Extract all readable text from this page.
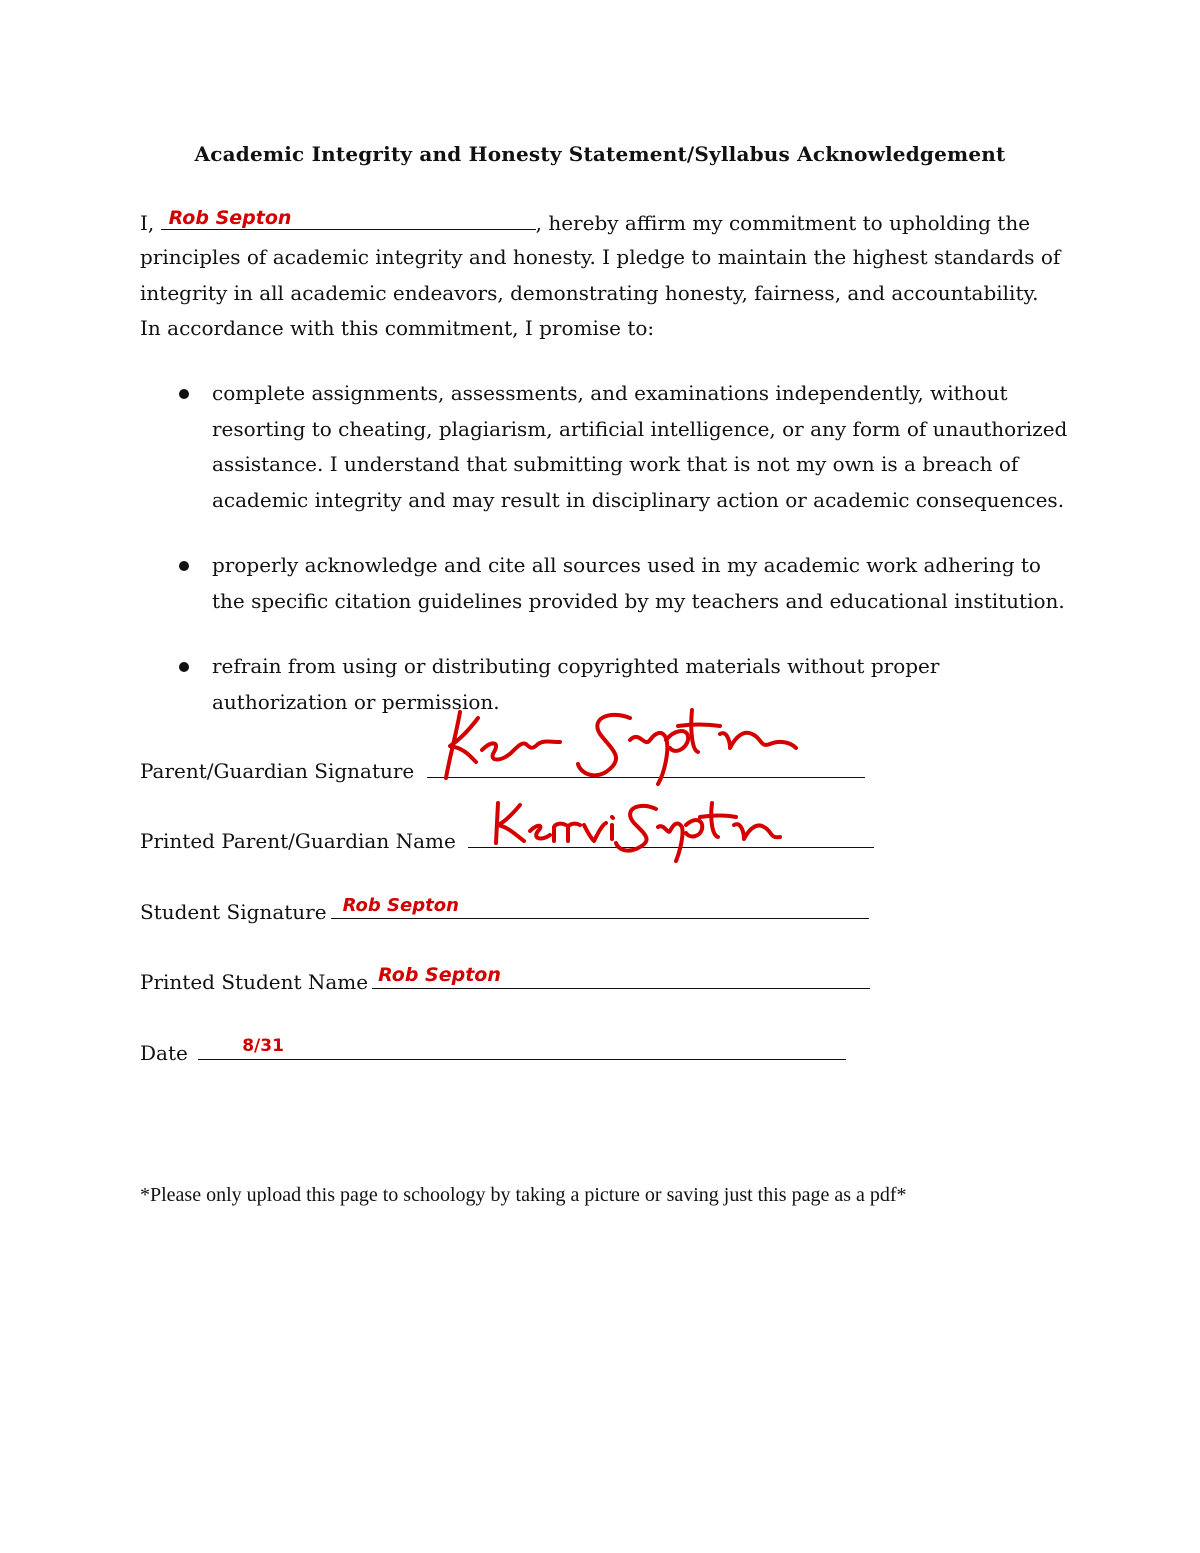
Academic Integrity and Honesty Statement/Syllabus Acknowledgement
I, Rob Septon	, hereby affirm my commitment to upholding the
principles of academic integrity and honesty. I pledge to maintain the highest standards of
integrity in all academic endeavors, demonstrating honesty, fairness, and accountability.
In accordance with this commitment, I promise to:
complete assignments, assessments, and examinations independently, without resorting to cheating, plagiarism, artificial intelligence, or any form of unauthorized assistance. I understand that submitting work that is not my own is a breach of academic integrity and may result in disciplinary action or academic consequences.
properly acknowledge and cite all sources used in my academic work adhering to the specific citation guidelines provided by my teachers and educational institution.
refrain from using or distributing copyrighted materials without proper authorization or permission.
Parent/Guardian Signature
Printed Parent/Guardian Name
Student Signature Rob Septon
Printed Student Name Rob Septon
Date	8/31
*Please only upload this page to schoology by taking a picture or saving just this page as a pdf*
